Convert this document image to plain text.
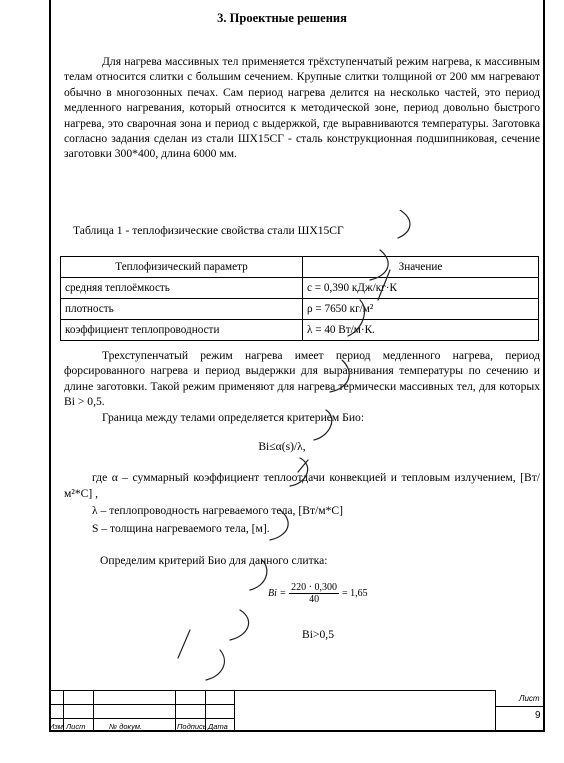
3. Проектные решения

Для нагрева массивных тел применяется трёхступенчатый режим нагрева, к массивным телам относится слитки с большим сечением. Крупные слитки толщиной от 200 мм нагревают обычно в многозонных печах. Сам период нагрева делится на несколько частей, это период медленного нагревания, который относится к методической зоне, период довольно быстрого нагрева, это сварочная зона и период с выдержкой, где выравниваются температуры. Заготовка согласно задания сделан из стали ШХ15СГ - сталь конструкционная подшипниковая, сечение заготовки 300*400, длина 6000 мм.

Таблица 1 - теплофизические свойства стали ШХ15СГ
Теплофизический параметр	Значение
средняя теплоёмкость	c = 0,390 кДж/кг·К
плотность	ρ = 7650 кг/м²
коэффициент теплопроводности	λ = 40 Вт/м·К.

Трехступенчатый режим нагрева имеет период медленного нагрева, период форсированного нагрева и период выдержки для выравнивания температуры по сечению и длине заготовки. Такой режим применяют для нагрева термически массивных тел, для которых Bi > 0,5.

Граница между телами определяется критерием Био:

Bi≤α(s)/λ,

где α – суммарный коэффициент теплоотдачи конвекцией и тепловым излучением, [Вт/м²*С] ,

λ – теплопроводность нагреваемого тела, [Вт/м*С]

S – толщина нагреваемого тела, [м].

Определим критерий Био для данного слитка:

$Bi = \frac{220 \cdot 0,300}{40} = 1,65$
Bi>0,5
Изм Лист	№ докум.	Подпись Дата
Лист
9
